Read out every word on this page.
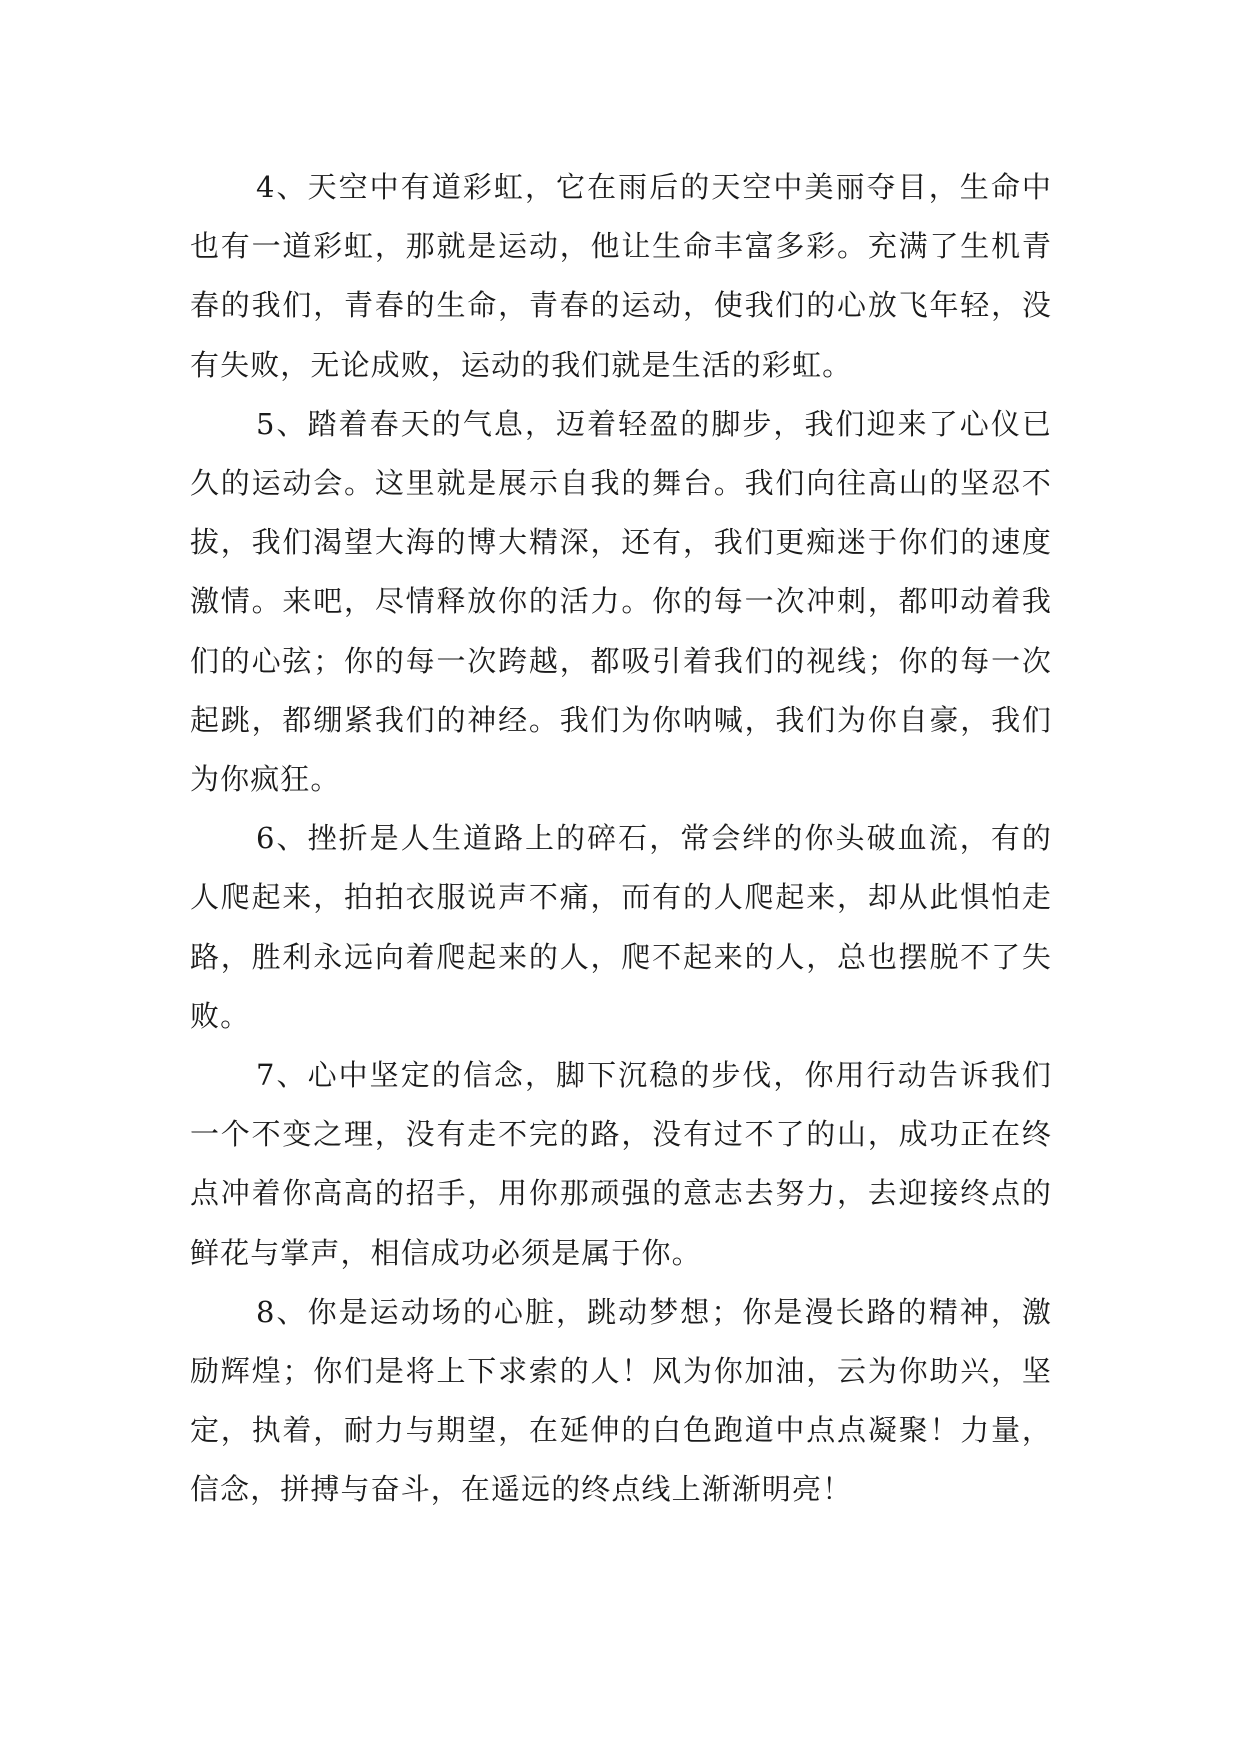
4、天空中有道彩虹，它在雨后的天空中美丽夺目，生命中也有一道彩虹，那就是运动，他让生命丰富多彩。充满了生机青春的我们，青春的生命，青春的运动，使我们的心放飞年轻，没有失败，无论成败，运动的我们就是生活的彩虹。

5、踏着春天的气息，迈着轻盈的脚步，我们迎来了心仪已久的运动会。这里就是展示自我的舞台。我们向往高山的坚忍不拔，我们渴望大海的博大精深，还有，我们更痴迷于你们的速度激情。来吧，尽情释放你的活力。你的每一次冲刺，都叩动着我们的心弦；你的每一次跨越，都吸引着我们的视线；你的每一次起跳，都绷紧我们的神经。我们为你呐喊，我们为你自豪，我们为你疯狂。

6、挫折是人生道路上的碎石，常会绊的你头破血流，有的人爬起来，拍拍衣服说声不痛，而有的人爬起来，却从此惧怕走路，胜利永远向着爬起来的人，爬不起来的人，总也摆脱不了失败。

7、心中坚定的信念，脚下沉稳的步伐，你用行动告诉我们一个不变之理，没有走不完的路，没有过不了的山，成功正在终点冲着你高高的招手，用你那顽强的意志去努力，去迎接终点的鲜花与掌声，相信成功必须是属于你。

8、你是运动场的心脏，跳动梦想；你是漫长路的精神，激励辉煌；你们是将上下求索的人！风为你加油，云为你助兴，坚定，执着，耐力与期望，在延伸的白色跑道中点点凝聚！力量，信念，拼搏与奋斗，在遥远的终点线上渐渐明亮！
